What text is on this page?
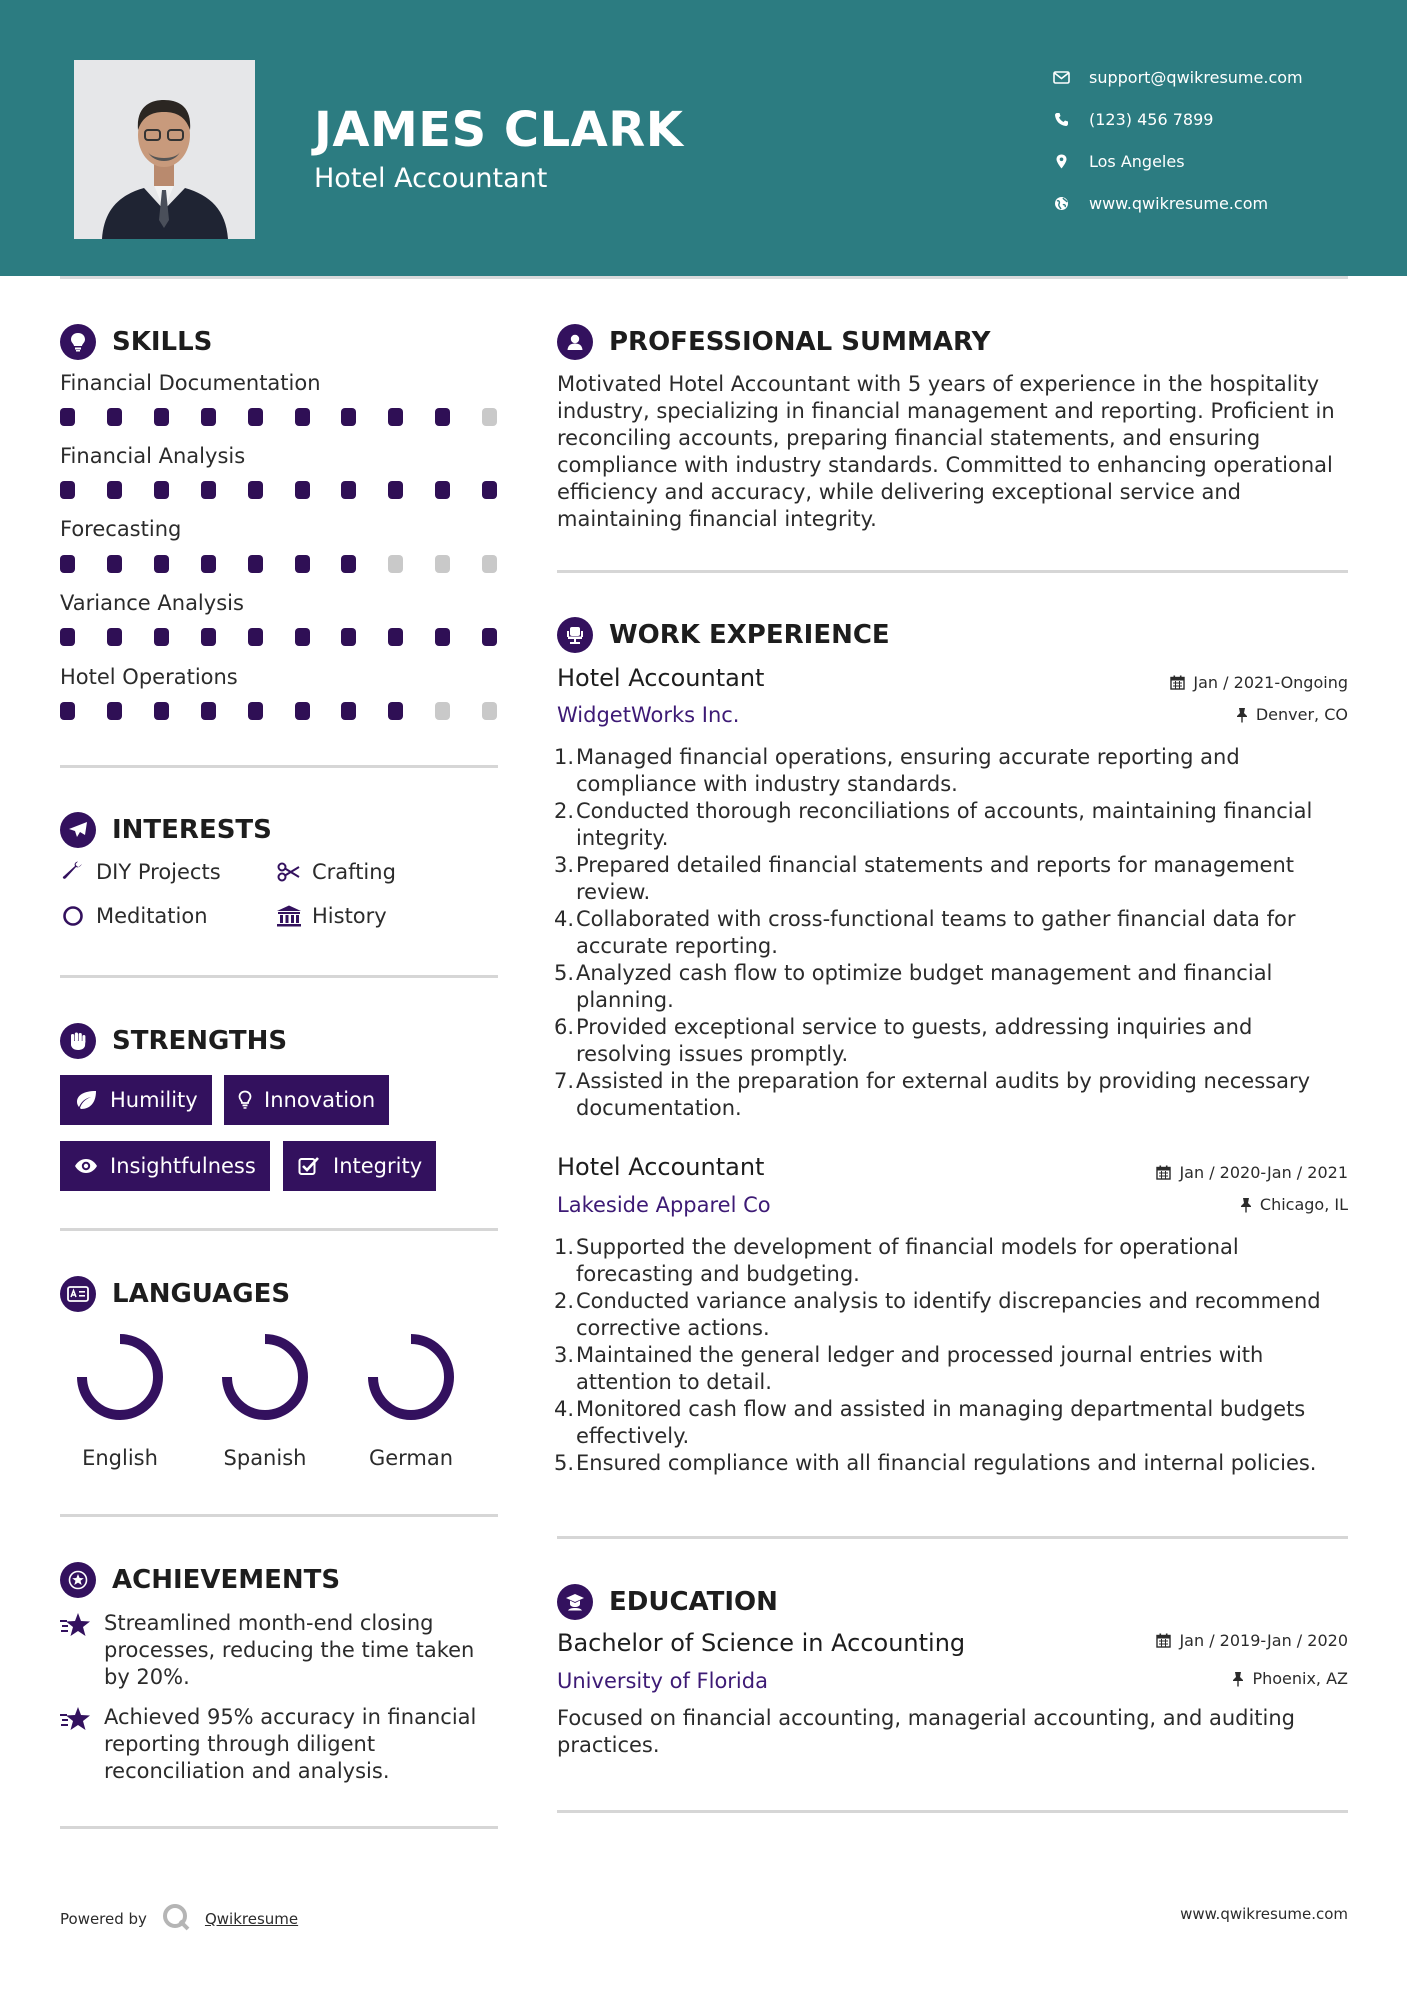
JAMES CLARK
Hotel Accountant
support@qwikresume.com
(123) 456 7899
Los Angeles
www.qwikresume.com
SKILLS
Financial Documentation
Financial Analysis
Forecasting
Variance Analysis
Hotel Operations
INTERESTS
DIY Projects	Crafting
Meditation	History
STRENGTHS
Humility	Innovation
Insightfulness	Integrity
LANGUAGES
English	Spanish	German
ACHIEVEMENTS
Streamlined month-end closing processes, reducing the time taken by 20%.
Achieved 95% accuracy in financial reporting through diligent reconciliation and analysis.
PROFESSIONAL SUMMARY
Motivated Hotel Accountant with 5 years of experience in the hospitality industry, specializing in financial management and reporting. Proficient in reconciling accounts, preparing financial statements, and ensuring compliance with industry standards. Committed to enhancing operational efficiency and accuracy, while delivering exceptional service and maintaining financial integrity.
WORK EXPERIENCE
Hotel Accountant	Jan / 2021-Ongoing
WidgetWorks Inc.	Denver, CO
1. Managed financial operations, ensuring accurate reporting and compliance with industry standards.
2. Conducted thorough reconciliations of accounts, maintaining financial integrity.
3. Prepared detailed financial statements and reports for management review.
4. Collaborated with cross-functional teams to gather financial data for accurate reporting.
5. Analyzed cash flow to optimize budget management and financial planning.
6. Provided exceptional service to guests, addressing inquiries and resolving issues promptly.
7. Assisted in the preparation for external audits by providing necessary documentation.
Hotel Accountant	Jan / 2020-Jan / 2021
Lakeside Apparel Co	Chicago, IL
1. Supported the development of financial models for operational forecasting and budgeting.
2. Conducted variance analysis to identify discrepancies and recommend corrective actions.
3. Maintained the general ledger and processed journal entries with attention to detail.
4. Monitored cash flow and assisted in managing departmental budgets effectively.
5. Ensured compliance with all financial regulations and internal policies.
EDUCATION
Bachelor of Science in Accounting	Jan / 2019-Jan / 2020
University of Florida	Phoenix, AZ
Focused on financial accounting, managerial accounting, and auditing practices.
Powered by	Qwikresume	www.qwikresume.com
